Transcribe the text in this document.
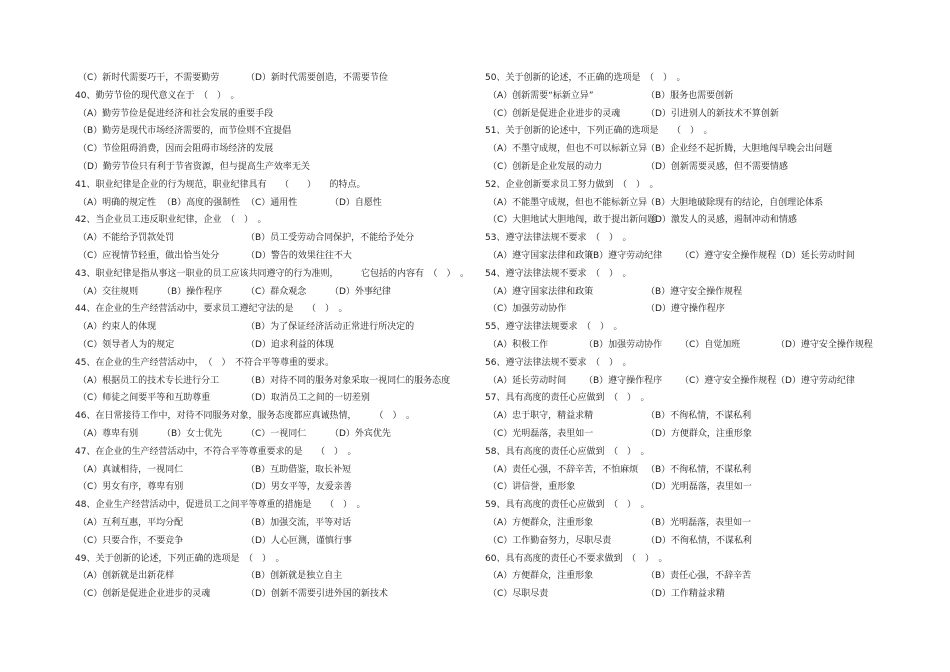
（C）新时代需要巧干，不需要勤劳	（D）新时代需要创造，不需要节俭
40、勤劳节俭的现代意义在于　（　）　。
（A）勤劳节俭是促进经济和社会发展的重要手段
（B）勤劳是现代市场经济需要的，而节俭则不宜提倡
（C）节俭阻碍消费，因而会阻碍市场经济的发展
（D）勤劳节俭只有利于节省资源，但与提高生产效率无关
41、职业纪律是企业的行为规范，职业纪律具有　　（　　）　　的特点。
（A）明确的规定性 （B）高度的强制性 （C）通用性	（D）自愿性
42、当企业员工违反职业纪律，企业　（　）　。
（A）不能给予罚款处罚	（B）员工受劳动合同保护，不能给予处分
（C）应视情节轻重，做出恰当处分	（D）警告的效果往往不大
43、职业纪律是指从事这一职业的员工应该共同遵守的行为准则，　　　它包括的内容有　（　）　。
（A）交往规则	（B）操作程序	（C）群众观念	（D）外事纪律
44、在企业的生产经营活动中，要求员工遵纪守法的是　　（　）　。
（A）约束人的体现	（B）为了保证经济活动正常进行所决定的
（C）领导者人为的规定	（D）追求利益的体现
45、在企业的生产经营活动中，　（　）　不符合平等尊重的要求。
（A）根据员工的技术专长进行分工	（B）对待不同的服务对象采取一视同仁的服务态度
（C）师徒之间要平等和互助尊重	（D）取消员工之间的一切差别
46、在日常接待工作中，对待不同服务对象，服务态度都应真诚热情，　　　（　）　。
（A）尊卑有别	（B）女士优先	（C）一视同仁	（D）外宾优先
47、在企业的生产经营活动中，不符合平等尊重要求的是　　（　）　。
（A）真诚相待，一视同仁	（B）互助借鉴，取长补短
（C）男女有序，尊卑有别	（D）男女平等，友爱亲善
48、企业生产经营活动中，促进员工之间平等尊重的措施是　　（　）　。
（A）互利互惠，平均分配	（B）加强交流，平等对话
（C）只要合作，不要竞争	（D）人心叵测，谨慎行事
49、关于创新的论述，下列正确的选项是　（　）　。
（A）创新就是出新花样	（B）创新就是独立自主
（C）创新是促进企业进步的灵魂	（D）创新不需要引进外国的新技术
50、关于创新的论述，不正确的选项是　（　）　。
（A）创新需要“标新立异”	（B）服务也需要创新
（C）创新是促进企业进步的灵魂	（D）引进别人的新技术不算创新
51、关于创新的论述中，下列正确的选项是　　（　）　。
（A）不墨守成规，但也不可以标新立异
（B）企业经不起折腾，大胆地闯早晚会出问题
（C）创新是企业发展的动力	（D）创新需要灵感，但不需要情感
52、企业创新要求员工努力做到　（　）　。
（A）不能墨守成规，但也不能标新立异
（B）大胆地破除现有的结论，自创理论体系
（C）大胆地试大胆地闯，敢于提出新问题
（D）激发人的灵感，遏制冲动和情感
53、遵守法律法规不要求　（　）　。
（A）遵守国家法律和政策
（B）遵守劳动纪律	（C）遵守安全操作规程 （D）延长劳动时间
54、遵守法律法规不要求　（　）　。
（A）遵守国家法律和政策	（B）遵守安全操作规程
（C）加强劳动协作	（D）遵守操作程序
55、遵守法律法规要求　（　）　。
（A）积极工作	（B）加强劳动协作	（C）自觉加班	（D）遵守安全操作规程
56、遵守法律法规不要求　（　）　。
（A）延长劳动时间	（B）遵守操作程序	（C）遵守安全操作规程 （D）遵守劳动纪律
57、具有高度的责任心应做到　（　）　。
（A）忠于职守，精益求精	（B）不徇私情，不谋私利
（C）光明磊落，表里如一	（D）方便群众，注重形象
58、具有高度的责任心应做到　（　）　。
（A）责任心强，不辞辛苦，不怕麻烦 （B）不徇私情，不谋私利
（C）讲信誉，重形象	（D）光明磊落，表里如一
59、具有高度的责任心应做到　（　）　。
（A）方便群众，注重形象	（B）光明磊落，表里如一
（C）工作勤奋努力，尽职尽责	（D）不徇私情，不谋私利
60、具有高度的责任心不要求做到　（　）　。
（A）方便群众，注重形象	（B）责任心强，不辞辛苦
（C）尽职尽责	（D）工作精益求精
